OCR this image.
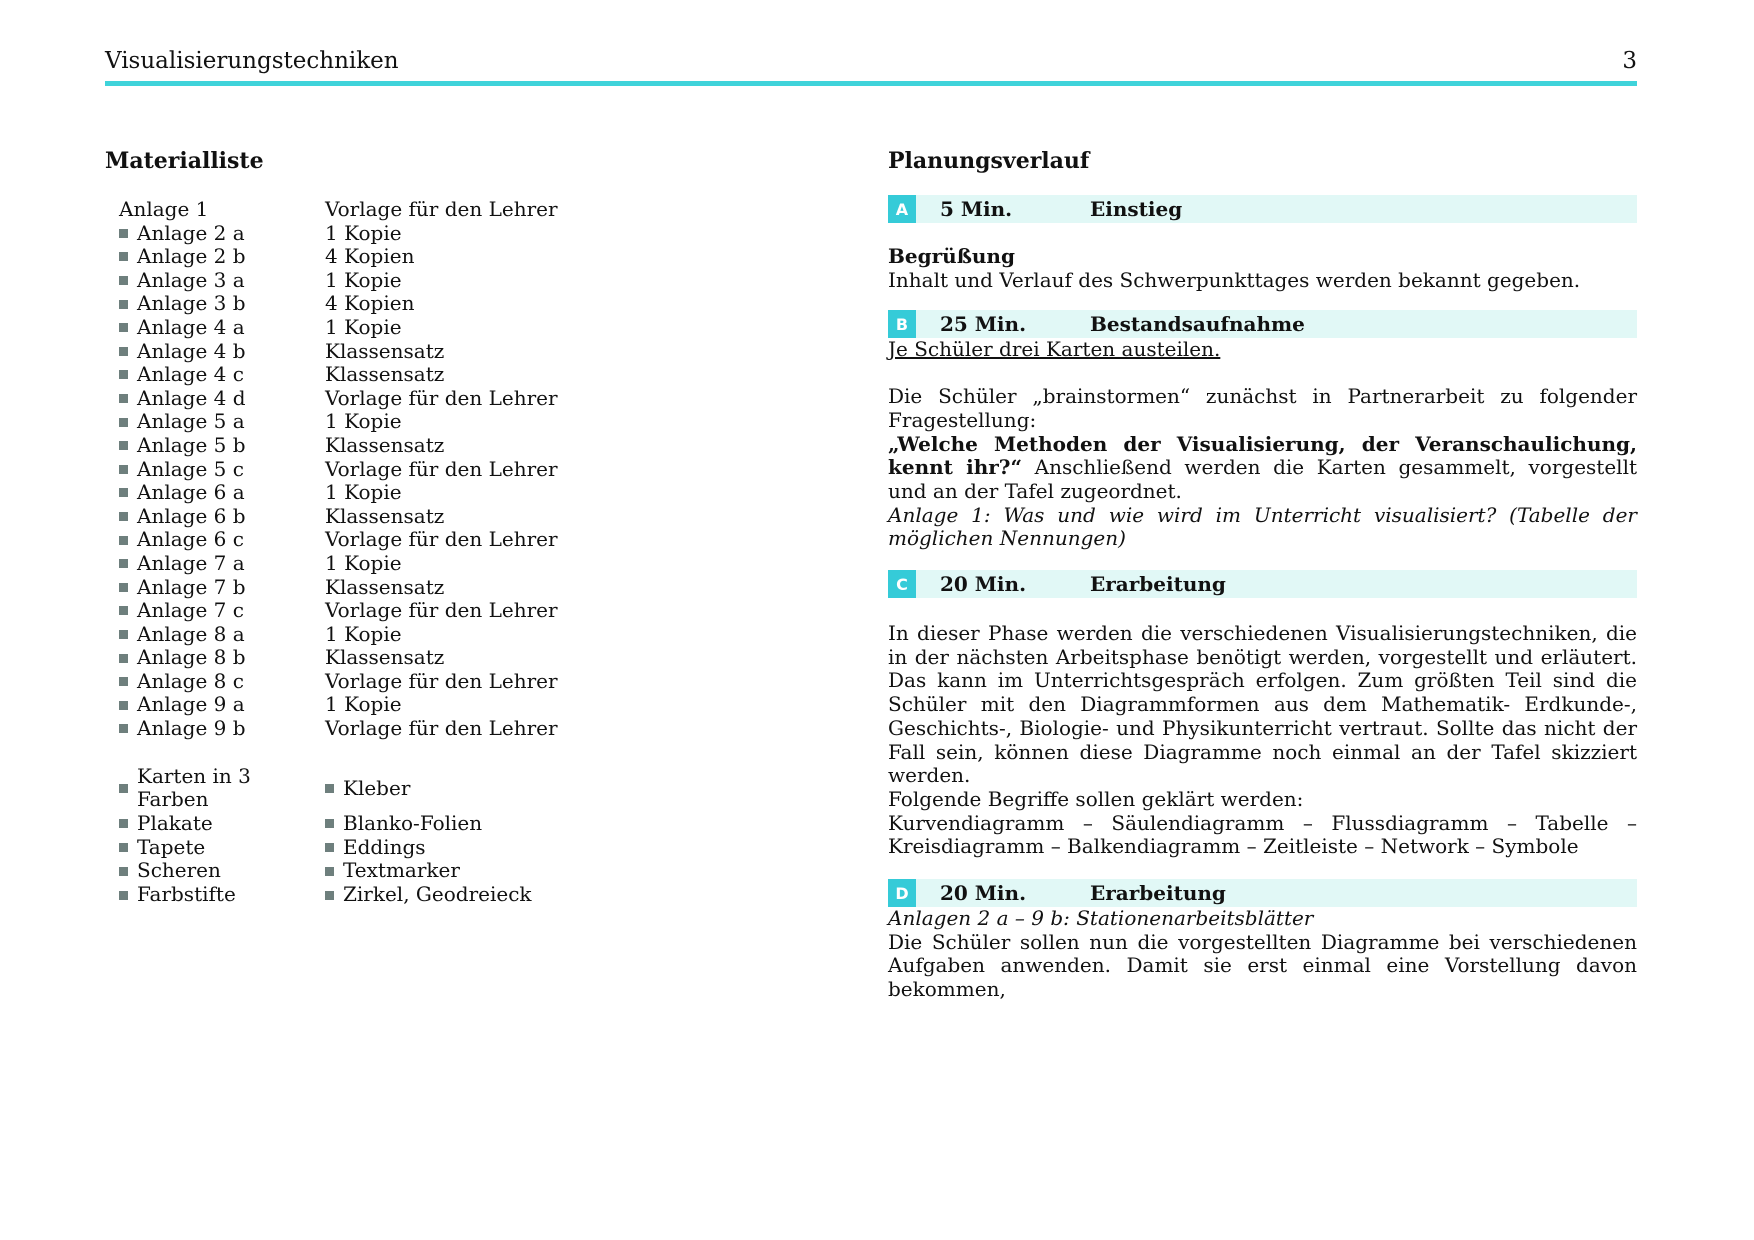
Visualisierungstechniken	3
Materialliste
Anlage 1	Vorlage für den Lehrer
Anlage 2 a	1 Kopie
Anlage 2 b	4 Kopien
Anlage 3 a	1 Kopie
Anlage 3 b	4 Kopien
Anlage 4 a	1 Kopie
Anlage 4 b	Klassensatz
Anlage 4 c	Klassensatz
Anlage 4 d	Vorlage für den Lehrer
Anlage 5 a	1 Kopie
Anlage 5 b	Klassensatz
Anlage 5 c	Vorlage für den Lehrer
Anlage 6 a	1 Kopie
Anlage 6 b	Klassensatz
Anlage 6 c	Vorlage für den Lehrer
Anlage 7 a	1 Kopie
Anlage 7 b	Klassensatz
Anlage 7 c	Vorlage für den Lehrer
Anlage 8 a	1 Kopie
Anlage 8 b	Klassensatz
Anlage 8 c	Vorlage für den Lehrer
Anlage 9 a	1 Kopie
Anlage 9 b	Vorlage für den Lehrer
Karten in 3 Farben	Kleber
Plakate	Blanko-Folien
Tapete	Eddings
Scheren	Textmarker
Farbstifte	Zirkel, Geodreieck
Planungsverlauf
A	5 Min.	Einstieg

Begrüßung

Inhalt und Verlauf des Schwerpunkttages werden bekannt gegeben.

B	25 Min.	Bestandsaufnahme

Je Schüler drei Karten austeilen.

Die Schüler „brainstormen“ zunächst in Partnerarbeit zu folgender Fragestellung:
„Welche Methoden der Visualisierung, der Veranschaulichung, kennt ihr?“ Anschließend werden die Karten gesammelt, vorgestellt und an der Tafel zugeordnet.

Anlage 1: Was und wie wird im Unterricht visualisiert? (Tabelle der möglichen Nennungen)

C	20 Min.	Erarbeitung

In dieser Phase werden die verschiedenen Visualisierungstechniken, die in der nächsten Arbeitsphase benötigt werden, vorgestellt und erläutert. Das kann im Unterrichtsgespräch erfolgen. Zum größten Teil sind die Schüler mit den Diagrammformen aus dem Mathematik- Erdkunde-, Geschichts-, Biologie- und Physikunterricht vertraut. Sollte das nicht der Fall sein, können diese Diagramme noch einmal an der Tafel skizziert werden.

Folgende Begriffe sollen geklärt werden:

Kurvendiagramm – Säulendiagramm – Flussdiagramm – Tabelle – Kreisdiagramm – Balkendiagramm – Zeitleiste – Network – Symbole

D	20 Min.	Erarbeitung

Anlagen 2 a – 9 b: Stationenarbeitsblätter

Die Schüler sollen nun die vorgestellten Diagramme bei verschiedenen Aufgaben anwenden. Damit sie erst einmal eine Vorstellung davon bekommen,
